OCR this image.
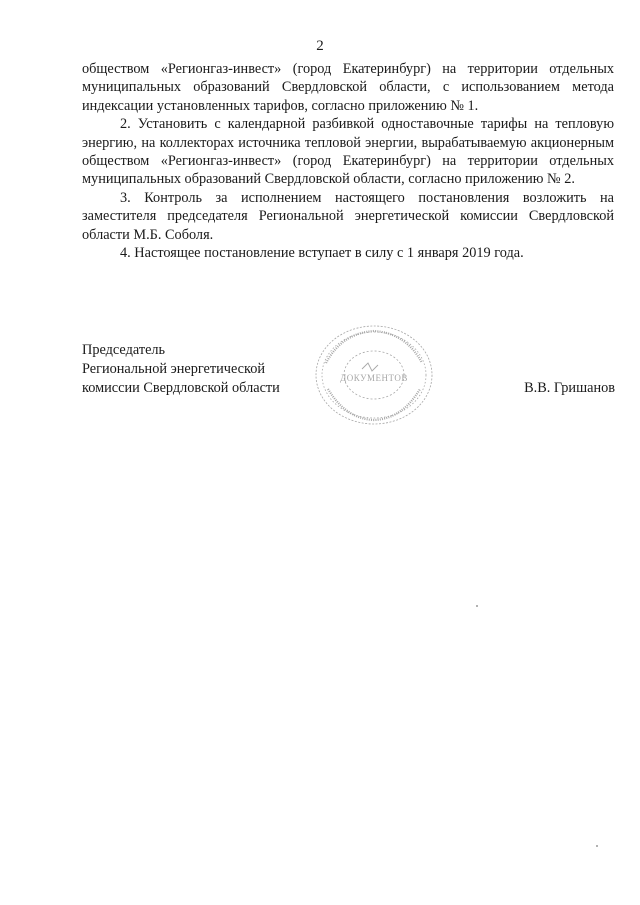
2

обществом «Регионгаз-инвест» (город Екатеринбург) на территории отдельных муниципальных образований Свердловской области, с использованием метода индексации установленных тарифов, согласно приложению № 1.

2. Установить с календарной разбивкой одноставочные тарифы на тепловую энергию, на коллекторах источника тепловой энергии, вырабатываемую акционерным обществом «Регионгаз-инвест» (город Екатеринбург) на территории отдельных муниципальных образований Свердловской области, согласно приложению № 2.

3. Контроль за исполнением настоящего постановления возложить на заместителя председателя Региональной энергетической комиссии Свердловской области М.Б. Соболя.

4. Настоящее постановление вступает в силу с 1 января 2019 года.

Председатель
Региональной энергетической
комиссии Свердловской области	В.В. Гришанов
ДОКУМЕНТОВ
